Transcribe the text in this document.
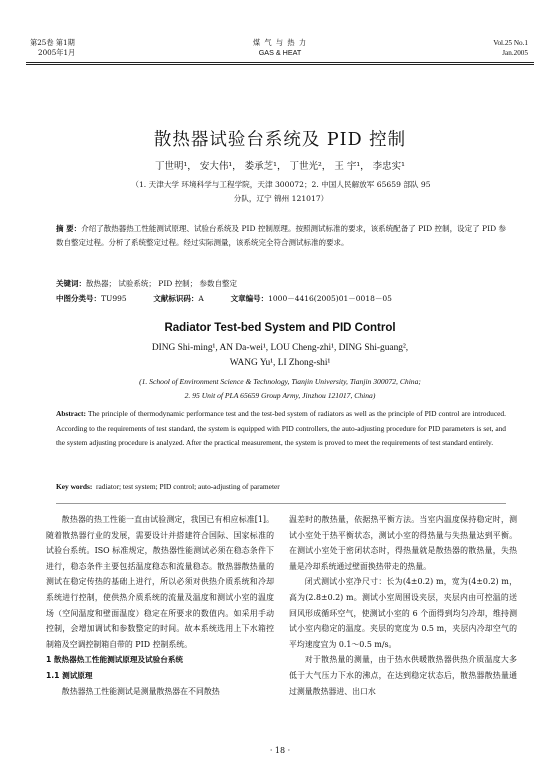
第25卷 第1期
2005年1月
煤 气 与 热 力
GAS & HEAT
Vol.25 No.1
Jan.2005
散热器试验台系统及 PID 控制
丁世明¹， 安大伟¹， 娄承芝¹， 丁世光²， 王 宇¹， 李忠实¹
（1. 天津大学 环境科学与工程学院，天津 300072；2. 中国人民解放军 65659 部队 95
分队，辽宁 锦州 121017）
摘 要：介绍了散热器热工性能测试原理、试验台系统及 PID 控制原理。按照测试标准的要求，该系统配备了 PID 控制，设定了 PID 参数自整定过程。分析了系统整定过程。经过实际测量，该系统完全符合测试标准的要求。
关键词：散热器； 试验系统； PID 控制； 参数自整定
中图分类号：TU995	文献标识码：A	文章编号：1000－4416(2005)01－0018－05
Radiator Test-bed System and PID Control
DING Shi-ming¹, AN Da-wei¹, LOU Cheng-zhi¹, DING Shi-guang²,
WANG Yu¹, LI Zhong-shi¹
(1. School of Environment Science & Technology, Tianjin University, Tianjin 300072, China;
2. 95 Unit of PLA 65659 Group Army, Jinzhou 121017, China)
Abstract: The principle of thermodynamic performance test and the test-bed system of radiators as well as the principle of PID control are introduced. According to the requirements of test standard, the system is equipped with PID controllers, the auto-adjusting procedure for PID parameters is set, and the system adjusting procedure is analyzed. After the practical measurement, the system is proved to meet the requirements of test standard entirely.
Key words: radiator; test system; PID control; auto-adjusting of parameter

散热器的热工性能一直由试验测定，我国已有相应标准[1]。随着散热器行业的发展，需要设计并搭建符合国际、国家标准的试验台系统。ISO 标准规定，散热器性能测试必须在稳态条件下进行，稳态条件主要包括温度稳态和流量稳态。散热器散热量的测试在稳定传热的基础上进行，所以必须对供热介质系统和冷却系统进行控制，使供热介质系统的流量及温度和测试小室的温度场（空间温度和壁面温度）稳定在所要求的数值内。如采用手动控制，会增加调试和参数整定的时间。故本系统选用上下水箱控制箱及空调控制箱自带的 PID 控制系统。

1 散热器热工性能测试原理及试验台系统
1.1 测试原理

散热器热工性能测试是测量散热器在不同散热

温差时的散热量，依据热平衡方法。当室内温度保持稳定时，测试小室处于热平衡状态，测试小室的得热量与失热量达到平衡。在测试小室处于密闭状态时，得热量就是散热器的散热量，失热量是冷却系统通过壁面换热带走的热量。

闭式测试小室净尺寸：长为(4±0.2) m，宽为(4±0.2) m，高为(2.8±0.2) m。测试小室周围设夹层，夹层内由可控温的送回风形成循环空气，使测试小室的 6 个面得到均匀冷却，维持测试小室内稳定的温度。夹层的宽度为 0.5 m，夹层内冷却空气的平均速度宜为 0.1～0.5 m/s。

对于散热量的测量，由于热水供暖散热器供热介质温度大多低于大气压力下水的沸点，在达到稳定状态后，散热器散热量通过测量散热器进、出口水

· 18 ·
